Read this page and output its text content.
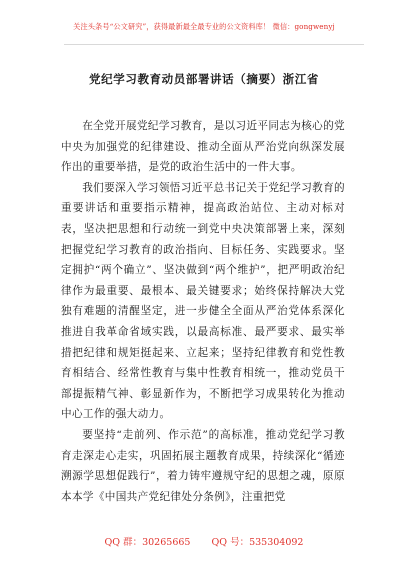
关注头条号“公文研究”，获得最新最全最专业的公文资料库！ 微信：gongwenyj
党纪学习教育动员部署讲话（摘要）浙江省

在全党开展党纪学习教育，是以习近平同志为核心的党中央为加强党的纪律建设、推动全面从严治党向纵深发展作出的重要举措，是党的政治生活中的一件大事。

我们要深入学习领悟习近平总书记关于党纪学习教育的重要讲话和重要指示精神，提高政治站位、主动对标对表，坚决把思想和行动统一到党中央决策部署上来，深刻把握党纪学习教育的政治指向、目标任务、实践要求。坚定拥护“两个确立”、坚决做到“两个维护”，把严明政治纪律作为最重要、最根本、最关键要求；始终保持解决大党独有难题的清醒坚定，进一步健全全面从严治党体系深化推进自我革命省域实践，以最高标准、最严要求、最实举措把纪律和规矩挺起来、立起来；坚持纪律教育和党性教育相结合、经常性教育与集中性教育相统一，推动党员干部提振精气神、彰显新作为，不断把学习成果转化为推动中心工作的强大动力。

要坚持“走前列、作示范”的高标准，推动党纪学习教育走深走心走实，巩固拓展主题教育成果，持续深化“循迹溯源学思想促践行”，着力铸牢遵规守纪的思想之魂，原原本本学《中国共产党纪律处分条例》，注重把党

QQ 群：30265665 QQ 号：535304092
